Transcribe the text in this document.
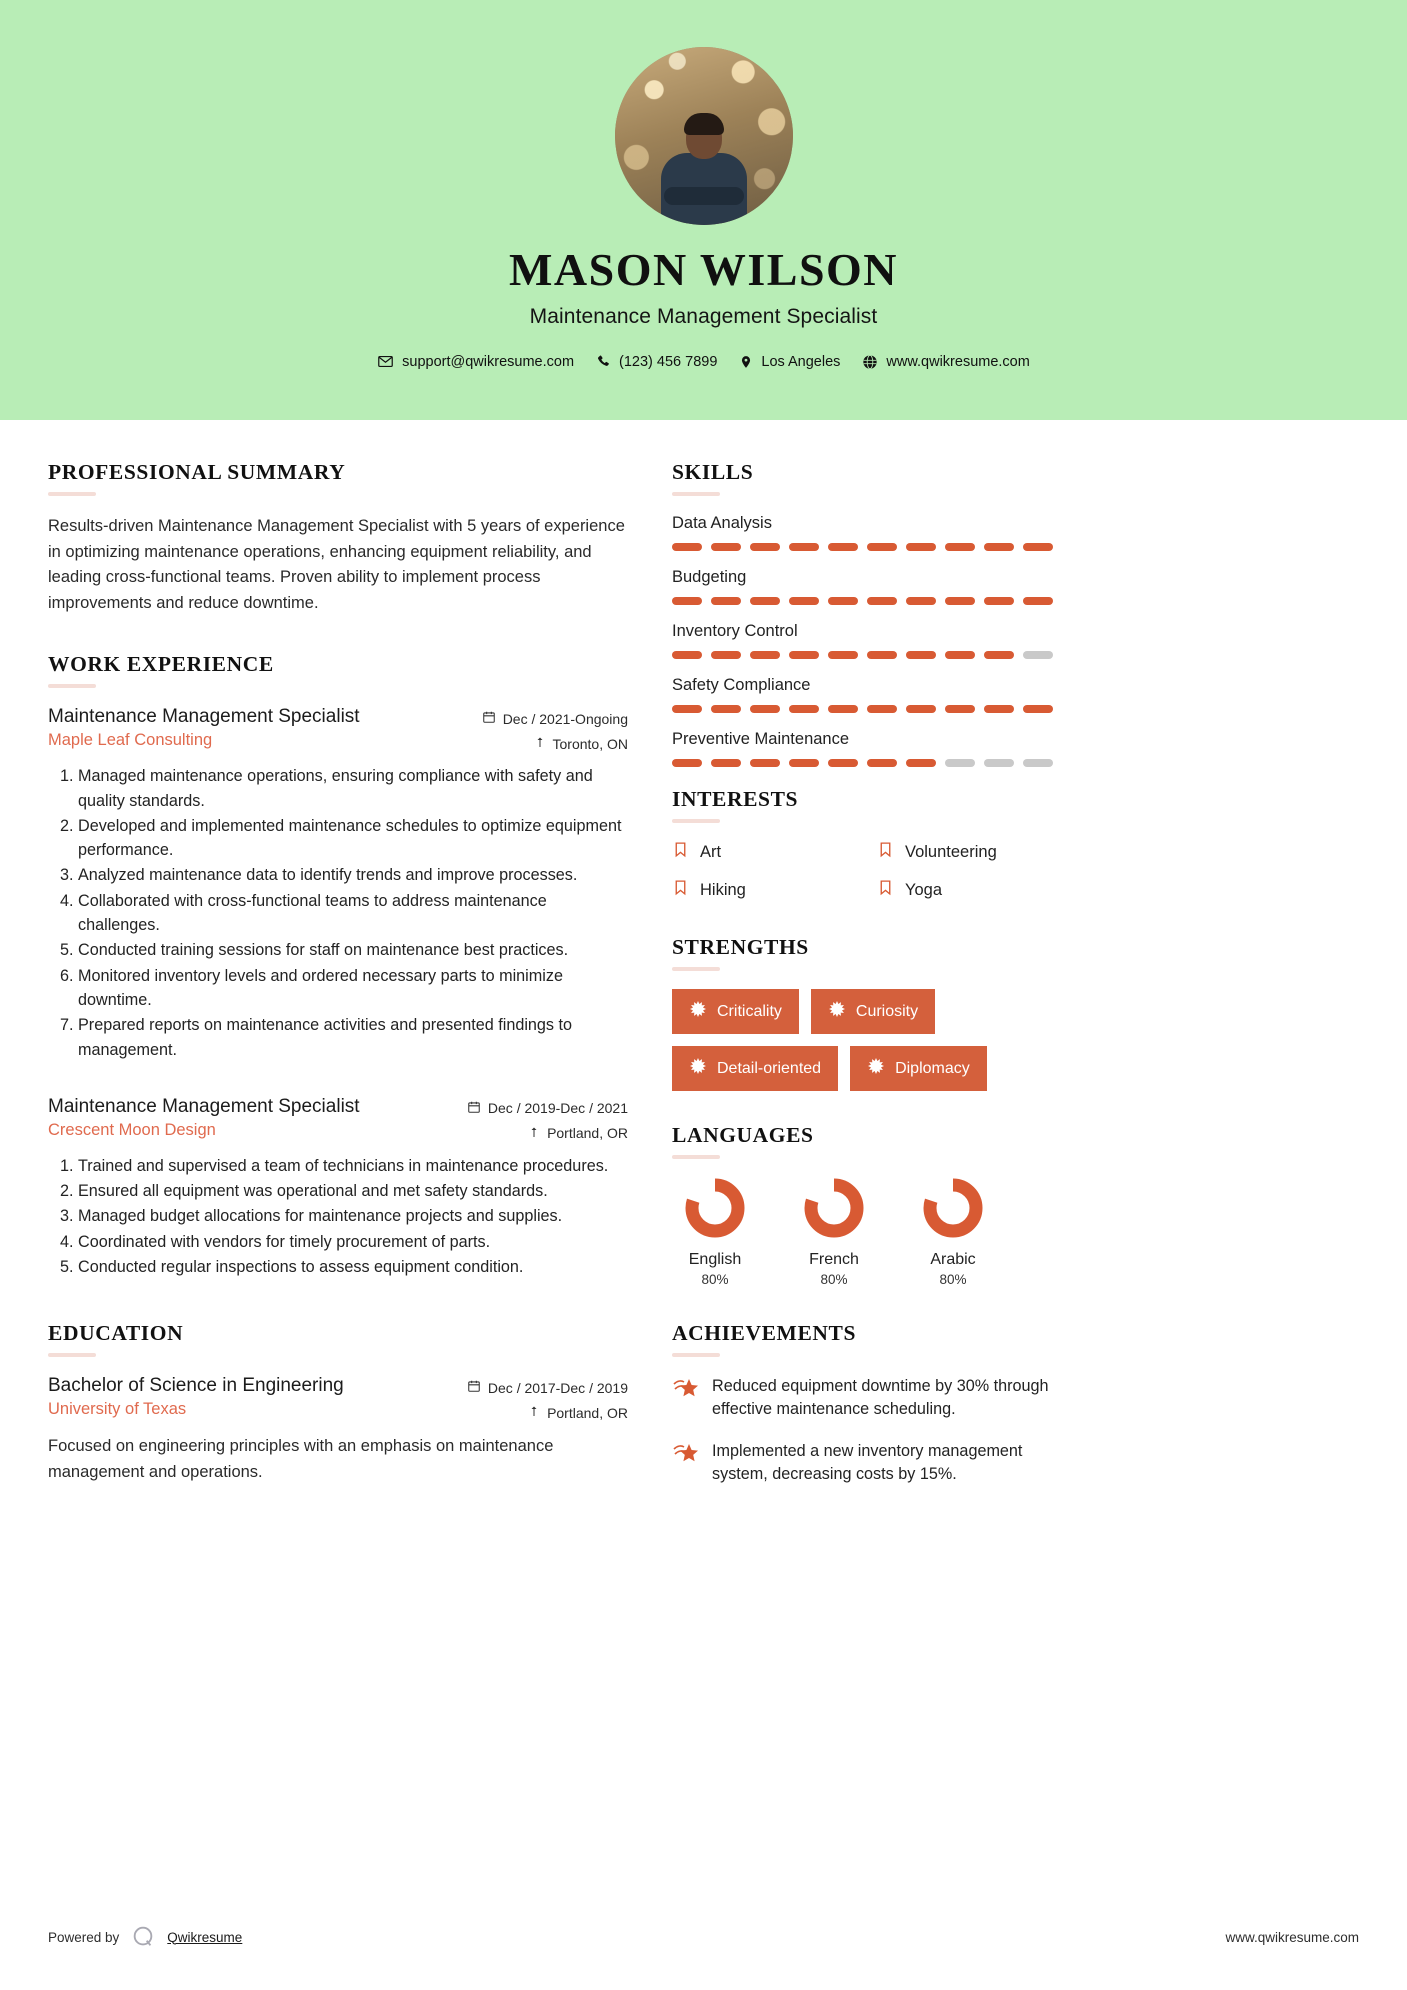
MASON WILSON
Maintenance Management Specialist
support@qwikresume.com	(123) 456 7899	Los Angeles	www.qwikresume.com
PROFESSIONAL SUMMARY
Results-driven Maintenance Management Specialist with 5 years of experience in optimizing maintenance operations, enhancing equipment reliability, and leading cross-functional teams. Proven ability to implement process improvements and reduce downtime.
WORK EXPERIENCE
Maintenance Management Specialist	Dec / 2021-Ongoing
Maple Leaf Consulting	Toronto, ON
1. Managed maintenance operations, ensuring compliance with safety and quality standards.
2. Developed and implemented maintenance schedules to optimize equipment performance.
3. Analyzed maintenance data to identify trends and improve processes.
4. Collaborated with cross-functional teams to address maintenance challenges.
5. Conducted training sessions for staff on maintenance best practices.
6. Monitored inventory levels and ordered necessary parts to minimize downtime.
7. Prepared reports on maintenance activities and presented findings to management.
Maintenance Management Specialist	Dec / 2019-Dec / 2021
Crescent Moon Design	Portland, OR
1. Trained and supervised a team of technicians in maintenance procedures.
2. Ensured all equipment was operational and met safety standards.
3. Managed budget allocations for maintenance projects and supplies.
4. Coordinated with vendors for timely procurement of parts.
5. Conducted regular inspections to assess equipment condition.
EDUCATION
Bachelor of Science in Engineering	Dec / 2017-Dec / 2019
University of Texas	Portland, OR
Focused on engineering principles with an emphasis on maintenance management and operations.
SKILLS
Data Analysis
Budgeting
Inventory Control
Safety Compliance
Preventive Maintenance
INTERESTS
Art	Volunteering
Hiking	Yoga
STRENGTHS
Criticality	Curiosity
Detail-oriented	Diplomacy
LANGUAGES
English
80%
French
80%
Arabic
80%
ACHIEVEMENTS
Reduced equipment downtime by 30% through effective maintenance scheduling.
Implemented a new inventory management system, decreasing costs by 15%.
Powered by	Qwikresume	www.qwikresume.com
